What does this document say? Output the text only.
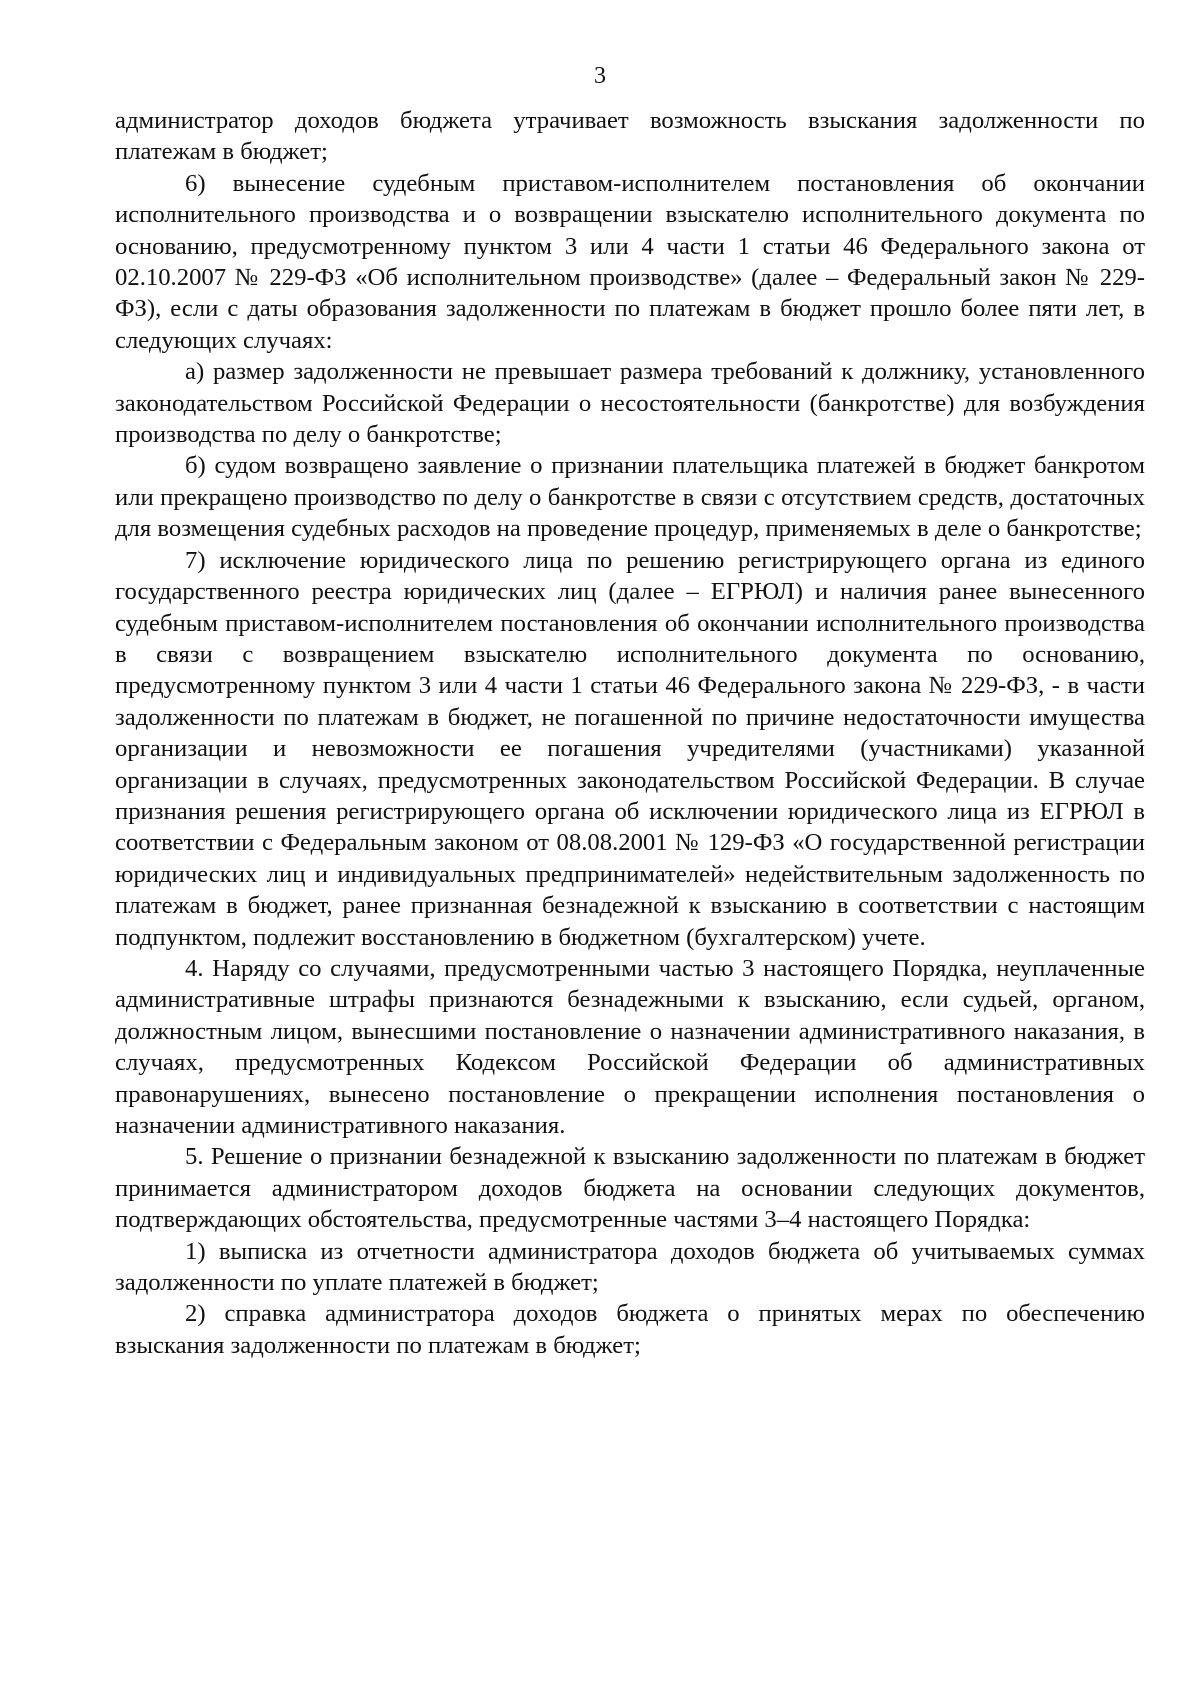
3

администратор доходов бюджета утрачивает возможность взыскания задолженности по платежам в бюджет;

6) вынесение судебным приставом-исполнителем постановления об окончании исполнительного производства и о возвращении взыскателю исполнительного документа по основанию, предусмотренному пунктом 3 или 4 части 1 статьи 46 Федерального закона от 02.10.2007 № 229-ФЗ «Об исполнительном производстве» (далее – Федеральный закон № 229-ФЗ), если с даты образования задолженности по платежам в бюджет прошло более пяти лет, в следующих случаях:

а) размер задолженности не превышает размера требований к должнику, установленного законодательством Российской Федерации о несостоятельности (банкротстве) для возбуждения производства по делу о банкротстве;

б) судом возвращено заявление о признании плательщика платежей в бюджет банкротом или прекращено производство по делу о банкротстве в связи с отсутствием средств, достаточных для возмещения судебных расходов на проведение процедур, применяемых в деле о банкротстве;

7) исключение юридического лица по решению регистрирующего органа из единого государственного реестра юридических лиц (далее – ЕГРЮЛ) и наличия ранее вынесенного судебным приставом-исполнителем постановления об окончании исполнительного производства в связи с возвращением взыскателю исполнительного документа по основанию, предусмотренному пунктом 3 или 4 части 1 статьи 46 Федерального закона № 229-ФЗ, - в части задолженности по платежам в бюджет, не погашенной по причине недостаточности имущества организации и невозможности ее погашения учредителями (участниками) указанной организации в случаях, предусмотренных законодательством Российской Федерации. В случае признания решения регистрирующего органа об исключении юридического лица из ЕГРЮЛ в соответствии с Федеральным законом от 08.08.2001 № 129-ФЗ «О государственной регистрации юридических лиц и индивидуальных предпринимателей» недействительным задолженность по платежам в бюджет, ранее признанная безнадежной к взысканию в соответствии с настоящим подпунктом, подлежит восстановлению в бюджетном (бухгалтерском) учете.

4. Наряду со случаями, предусмотренными частью 3 настоящего Порядка, неуплаченные административные штрафы признаются безнадежными к взысканию, если судьей, органом, должностным лицом, вынесшими постановление о назначении административного наказания, в случаях, предусмотренных Кодексом Российской Федерации об административных правонарушениях, вынесено постановление о прекращении исполнения постановления о назначении административного наказания.

5. Решение о признании безнадежной к взысканию задолженности по платежам в бюджет принимается администратором доходов бюджета на основании следующих документов, подтверждающих обстоятельства, предусмотренные частями 3–4 настоящего Порядка:

1) выписка из отчетности администратора доходов бюджета об учитываемых суммах задолженности по уплате платежей в бюджет;

2) справка администратора доходов бюджета о принятых мерах по обеспечению взыскания задолженности по платежам в бюджет;
